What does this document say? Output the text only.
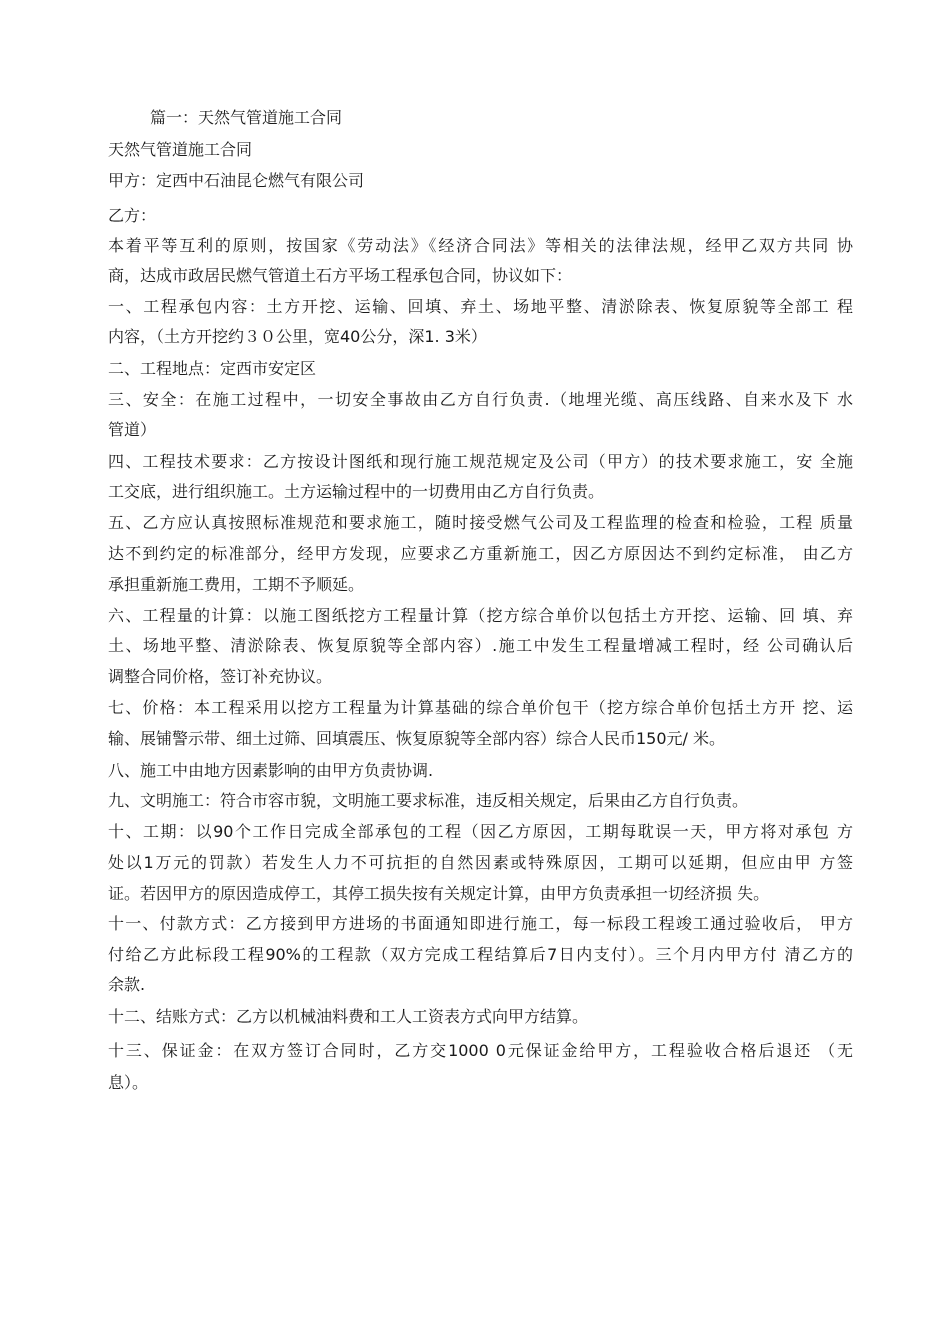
篇一：天然气管道施工合同
天然气管道施工合同
甲方：定西中石油昆仑燃气有限公司
乙方：
本着平等互利的原则，按国家《劳动法》《经济合同法》等相关的法律法规，经甲乙双方共同 协
商，达成市政居民燃气管道土石方平场工程承包合同，协议如下：
一、工程承包内容：土方开挖、运输、回填、弃土、场地平整、清淤除表、恢复原貌等全部工 程
内容，（土方开挖约３０公里，宽40公分，深1. 3米）
二、工程地点：定西市安定区
三、安全：在施工过程中，一切安全事故由乙方自行负责.（地埋光缆、高压线路、自来水及下 水
管道）
四、工程技术要求：乙方按设计图纸和现行施工规范规定及公司（甲方）的技术要求施工，安 全施
工交底，进行组织施工。土方运输过程中的一切费用由乙方自行负责。
五、乙方应认真按照标准规范和要求施工，随时接受燃气公司及工程监理的检查和检验，工程 质量
达不到约定的标准部分，经甲方发现，应要求乙方重新施工，因乙方原因达不到约定标准， 由乙方
承担重新施工费用，工期不予顺延。
六、工程量的计算：以施工图纸挖方工程量计算（挖方综合单价以包括土方开挖、运输、回 填、弃
土、场地平整、清淤除表、恢复原貌等全部内容）.施工中发生工程量增减工程时，经 公司确认后
调整合同价格，签订补充协议。
七、价格：本工程采用以挖方工程量为计算基础的综合单价包干（挖方综合单价包括土方开 挖、运
输、展铺警示带、细土过筛、回填震压、恢复原貌等全部内容）综合人民币150元/ 米。
八、施工中由地方因素影响的由甲方负责协调.
九、文明施工：符合市容市貌，文明施工要求标准，违反相关规定，后果由乙方自行负责。
十、工期：以90个工作日完成全部承包的工程（因乙方原因，工期每耽误一天，甲方将对承包 方
处以1万元的罚款）若发生人力不可抗拒的自然因素或特殊原因，工期可以延期，但应由甲 方签
证。若因甲方的原因造成停工，其停工损失按有关规定计算，由甲方负责承担一切经济损 失。
十一、付款方式：乙方接到甲方进场的书面通知即进行施工，每一标段工程竣工通过验收后， 甲方
付给乙方此标段工程90%的工程款（双方完成工程结算后7日内支付）。三个月内甲方付 清乙方的
余款.
十二、结账方式：乙方以机械油料费和工人工资表方式向甲方结算。
十三、保证金：在双方签订合同时，乙方交1000 0元保证金给甲方，工程验收合格后退还 （无
息）。
